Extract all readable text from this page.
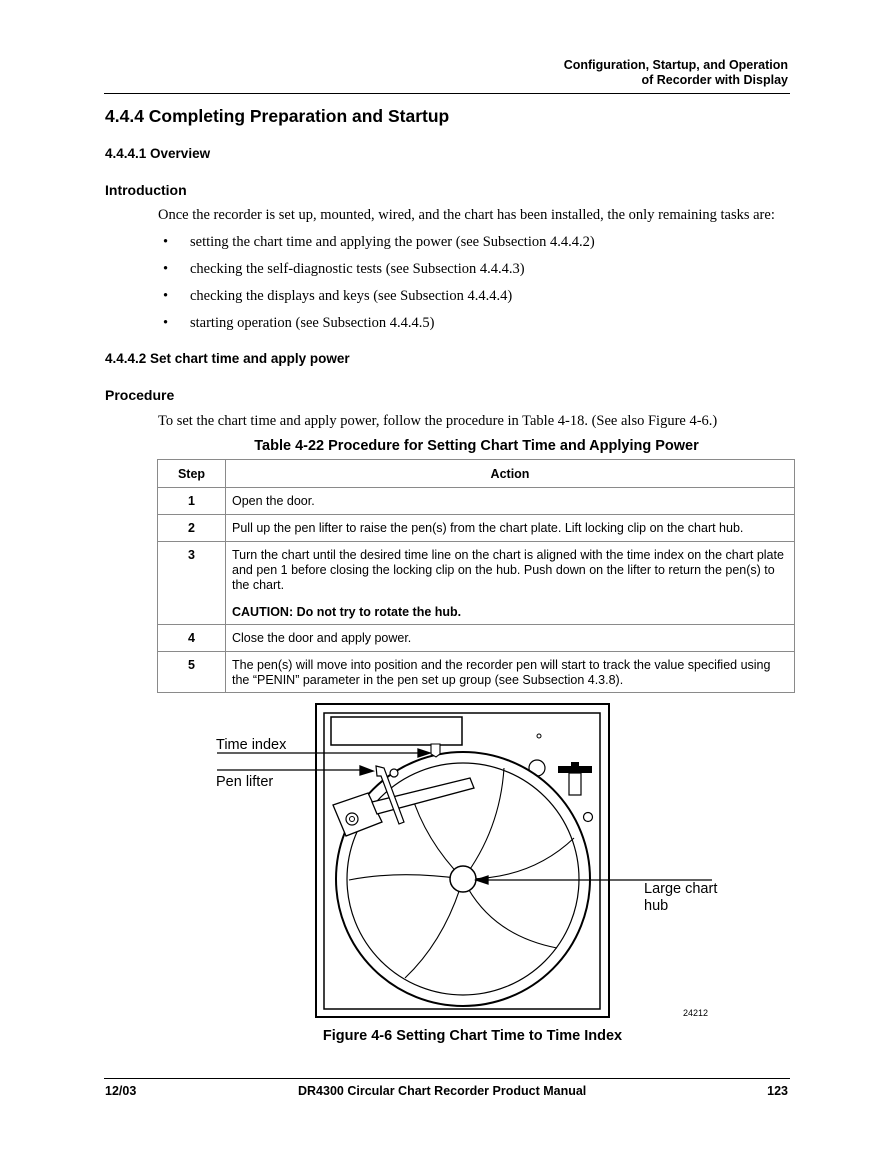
Configuration, Startup, and Operation
of Recorder with Display
4.4.4 Completing Preparation and Startup
4.4.4.1 Overview
Introduction
Once the recorder is set up, mounted, wired, and the chart has been installed, the only remaining tasks are:
• setting the chart time and applying the power (see Subsection 4.4.4.2)
• checking the self-diagnostic tests (see Subsection 4.4.4.3)
• checking the displays and keys (see Subsection 4.4.4.4)
• starting operation (see Subsection 4.4.4.5)
4.4.4.2 Set chart time and apply power
Procedure
To set the chart time and apply power, follow the procedure in Table 4-18. (See also Figure 4-6.)
Table 4-22 Procedure for Setting Chart Time and Applying Power
Step	Action
1	Open the door.
2	Pull up the pen lifter to raise the pen(s) from the chart plate. Lift locking clip on the chart hub.
3	Turn the chart until the desired time line on the chart is aligned with the time index on the chart plate and pen 1 before closing the locking clip on the hub. Push down on the lifter to return the pen(s) to the chart.
CAUTION: Do not try to rotate the hub.

4	Close the door and apply power.
5	The pen(s) will move into position and the recorder pen will start to track the value specified using the “PENIN” parameter in the pen set up group (see Subsection 4.3.8).
Time index
Pen lifter
Large chart
hub
24212
Figure 4-6 Setting Chart Time to Time Index
12/03	DR4300 Circular Chart Recorder Product Manual	123
